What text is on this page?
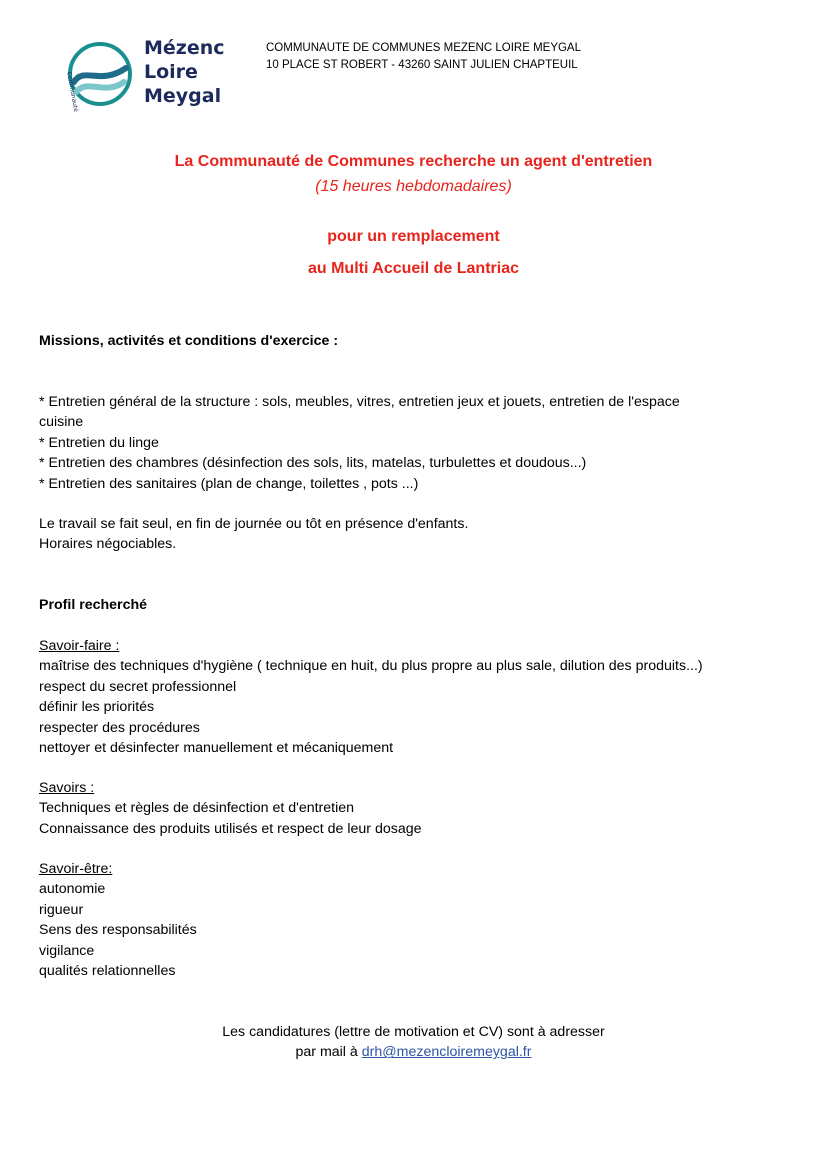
Communauté
Mézenc
Loire
Meygal
COMMUNAUTE DE COMMUNES MEZENC LOIRE MEYGAL
10 PLACE ST ROBERT - 43260 SAINT JULIEN CHAPTEUIL
La Communauté de Communes recherche un agent d'entretien
(15 heures hebdomadaires)
pour un remplacement
au Multi Accueil de Lantriac
Missions, activités et conditions d'exercice :
* Entretien général de la structure : sols, meubles, vitres, entretien jeux et jouets, entretien de l'espace
cuisine
* Entretien du linge
* Entretien des chambres (désinfection des sols, lits, matelas, turbulettes et doudous...)
* Entretien des sanitaires (plan de change, toilettes , pots ...)
Le travail se fait seul, en fin de journée ou tôt en présence d'enfants.
Horaires négociables.
Profil recherché
Savoir-faire :
maîtrise des techniques d'hygiène ( technique en huit, du plus propre au plus sale, dilution des produits...)
respect du secret professionnel
définir les priorités
respecter des procédures
nettoyer et désinfecter manuellement et mécaniquement
Savoirs :
Techniques et règles de désinfection et d'entretien
Connaissance des produits utilisés et respect de leur dosage
Savoir-être:
autonomie
rigueur
Sens des responsabilités
vigilance
qualités relationnelles
Les candidatures (lettre de motivation et CV) sont à adresser
par mail à drh@mezencloiremeygal.fr
